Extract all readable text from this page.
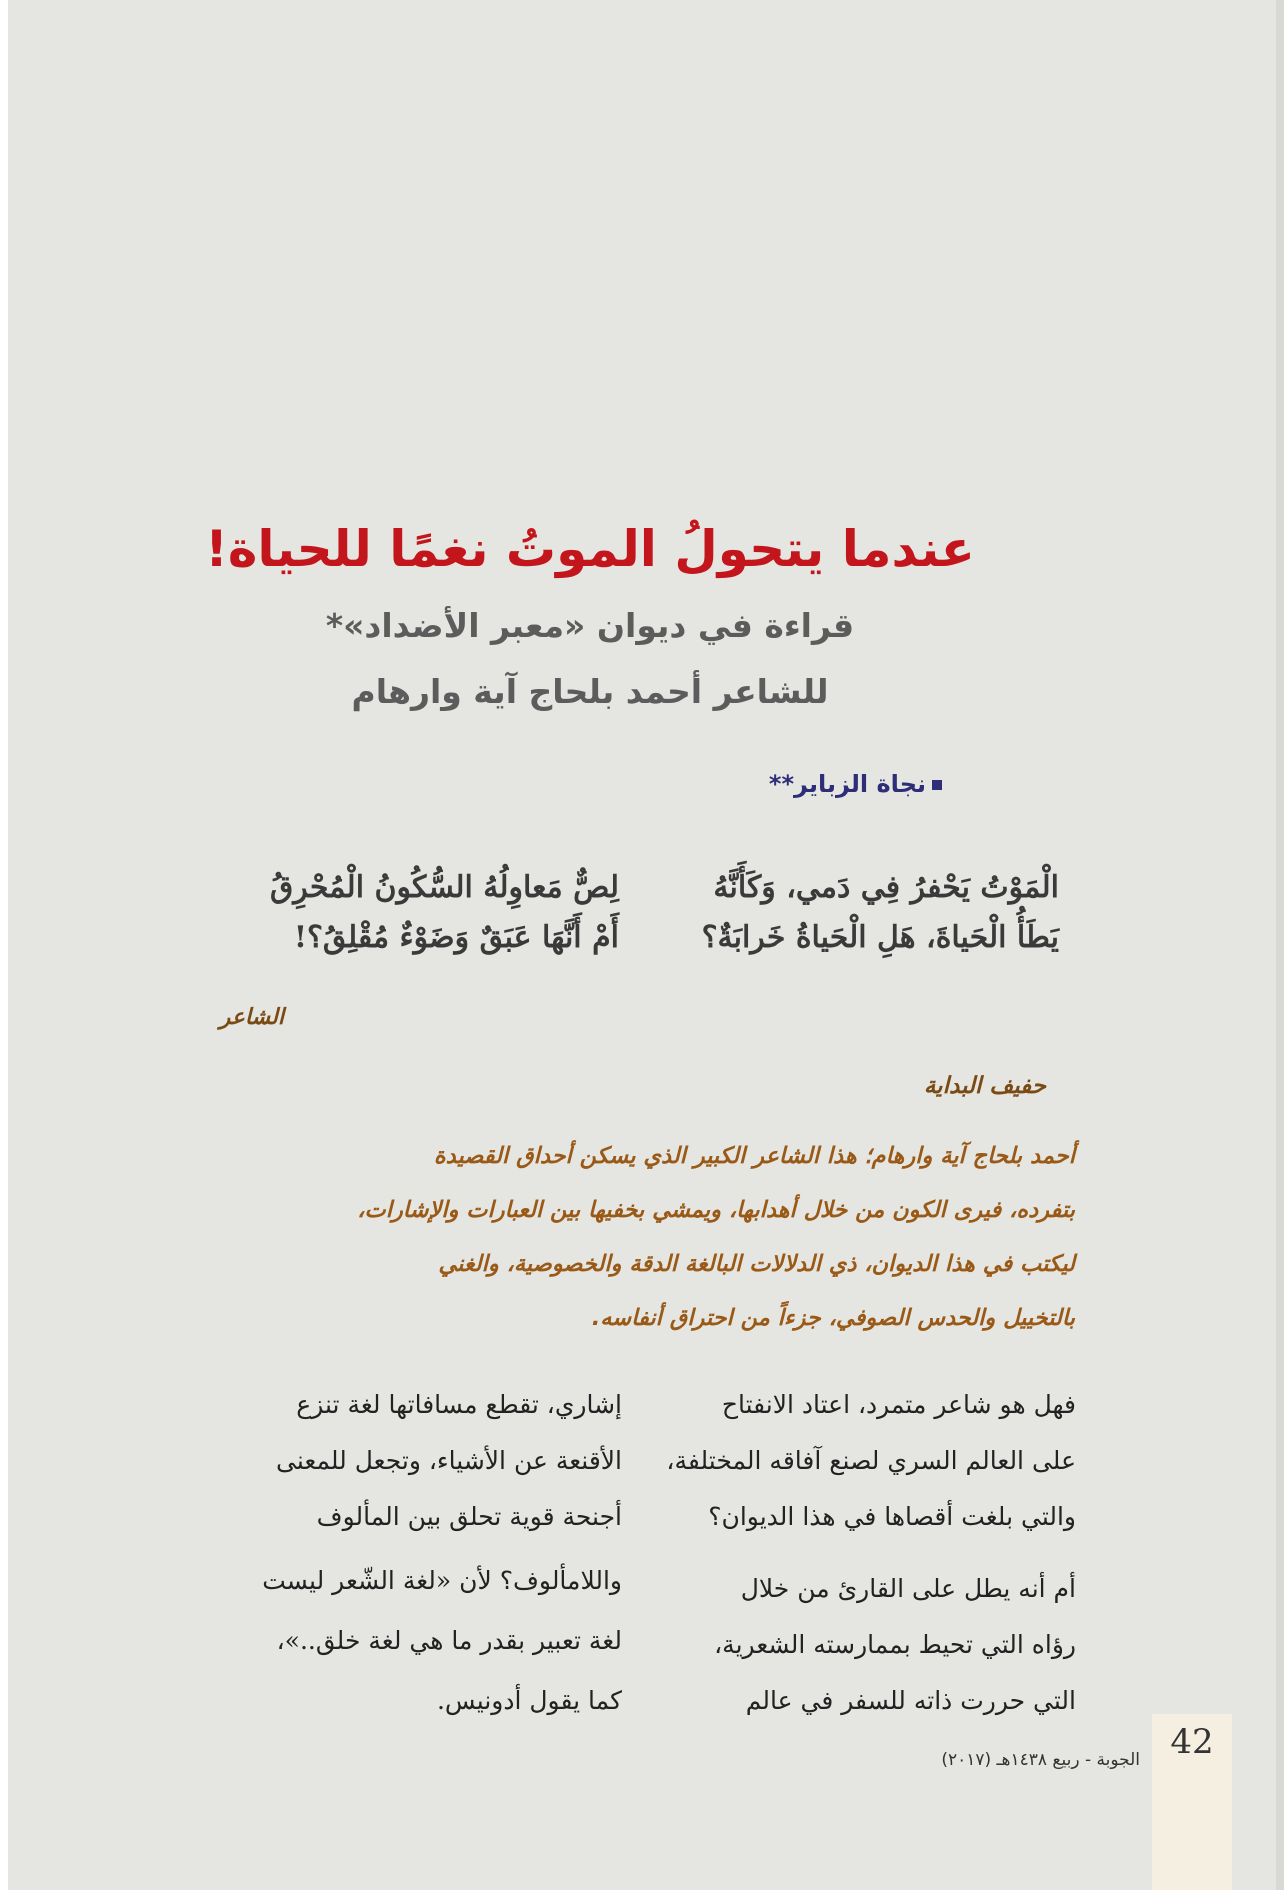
عندما يتحولُ الموتُ نغمًا للحياة!
قراءة في ديوان «معبر الأضداد»*
للشاعر أحمد بلحاج آية وارهام
نجاة الزباير**
الْمَوْتُ يَحْفرُ فِي دَمي، وَكَأَنَّهُ
يَطَأُ الْحَياةَ، هَلِ الْحَياةُ خَرابَةٌ؟
لِصٌّ مَعاوِلُهُ السُّكُونُ الْمُحْرِقُ
أَمْ أَنَّهَا عَبَقٌ وَضَوْءٌ مُقْلِقُ؟!
الشاعر
حفيف البداية
أحمد بلحاج آية وارهام؛ هذا الشاعر الكبير الذي يسكن أحداق القصيدة
بتفرده، فيرى الكون من خلال أهدابها، ويمشي بخفيها بين العبارات والإشارات،
ليكتب في هذا الديوان، ذي الدلالات البالغة الدقة والخصوصية، والغني
بالتخييل والحدس الصوفي، جزءاً من احتراق أنفاسه.
فهل هو شاعر متمرد، اعتاد الانفتاح
على العالم السري لصنع آفاقه المختلفة،
والتي بلغت أقصاها في هذا الديوان؟
أم أنه يطل على القارئ من خلال
رؤاه التي تحيط بممارسته الشعرية،
التي حررت ذاته للسفر في عالم
إشاري، تقطع مسافاتها لغة تنزع
الأقنعة عن الأشياء، وتجعل للمعنى
أجنحة قوية تحلق بين المألوف
واللامألوف؟ لأن «لغة الشّعر ليست
لغة تعبير بقدر ما هي لغة خلق..»،
كما يقول أدونيس.
42
الجوبة - ربيع ١٤٣٨هـ (٢٠١٧)
